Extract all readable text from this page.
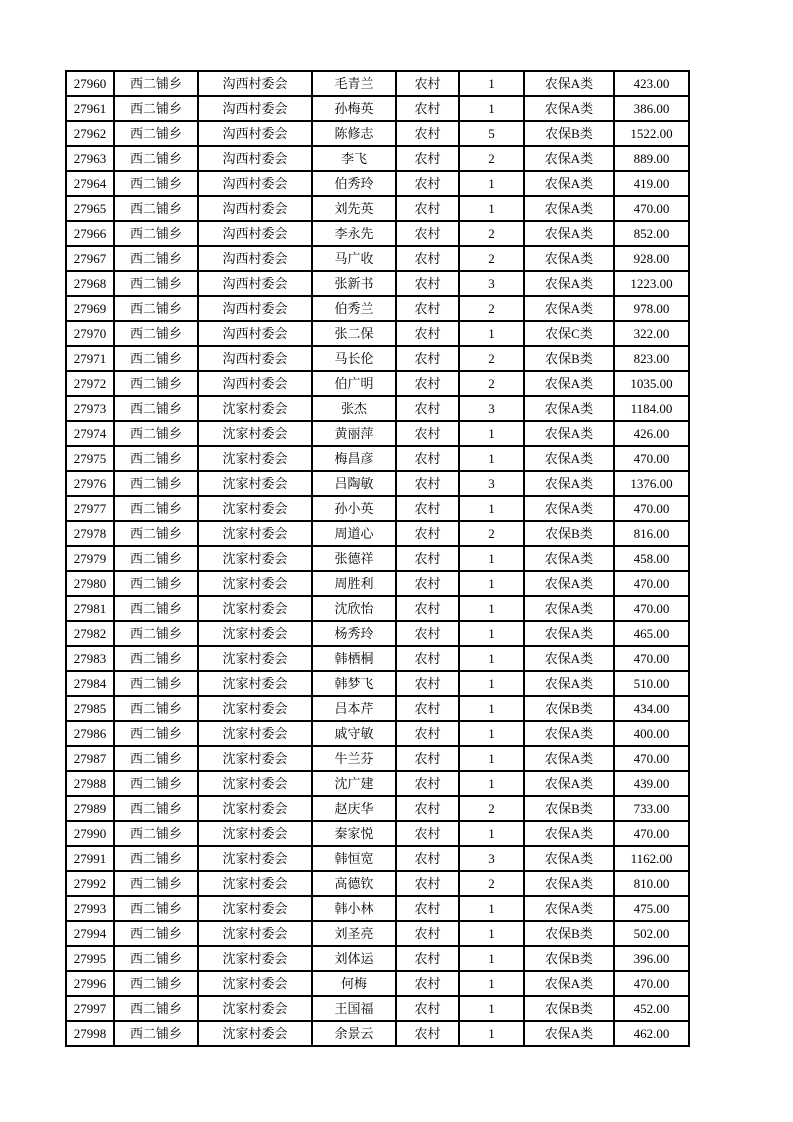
27960	西二铺乡	沟西村委会	毛青兰	农村	1	农保A类	423.00
27961	西二铺乡	沟西村委会	孙梅英	农村	1	农保A类	386.00
27962	西二铺乡	沟西村委会	陈修志	农村	5	农保B类	1522.00
27963	西二铺乡	沟西村委会	李飞	农村	2	农保A类	889.00
27964	西二铺乡	沟西村委会	伯秀玲	农村	1	农保A类	419.00
27965	西二铺乡	沟西村委会	刘先英	农村	1	农保A类	470.00
27966	西二铺乡	沟西村委会	李永先	农村	2	农保A类	852.00
27967	西二铺乡	沟西村委会	马广收	农村	2	农保A类	928.00
27968	西二铺乡	沟西村委会	张新书	农村	3	农保A类	1223.00
27969	西二铺乡	沟西村委会	伯秀兰	农村	2	农保A类	978.00
27970	西二铺乡	沟西村委会	张二保	农村	1	农保C类	322.00
27971	西二铺乡	沟西村委会	马长伦	农村	2	农保B类	823.00
27972	西二铺乡	沟西村委会	伯广明	农村	2	农保A类	1035.00
27973	西二铺乡	沈家村委会	张杰	农村	3	农保A类	1184.00
27974	西二铺乡	沈家村委会	黄丽萍	农村	1	农保A类	426.00
27975	西二铺乡	沈家村委会	梅昌彦	农村	1	农保A类	470.00
27976	西二铺乡	沈家村委会	吕陶敏	农村	3	农保A类	1376.00
27977	西二铺乡	沈家村委会	孙小英	农村	1	农保A类	470.00
27978	西二铺乡	沈家村委会	周道心	农村	2	农保B类	816.00
27979	西二铺乡	沈家村委会	张德祥	农村	1	农保A类	458.00
27980	西二铺乡	沈家村委会	周胜利	农村	1	农保A类	470.00
27981	西二铺乡	沈家村委会	沈欣怡	农村	1	农保A类	470.00
27982	西二铺乡	沈家村委会	杨秀玲	农村	1	农保A类	465.00
27983	西二铺乡	沈家村委会	韩栖桐	农村	1	农保A类	470.00
27984	西二铺乡	沈家村委会	韩梦飞	农村	1	农保A类	510.00
27985	西二铺乡	沈家村委会	吕本芹	农村	1	农保B类	434.00
27986	西二铺乡	沈家村委会	戚守敏	农村	1	农保A类	400.00
27987	西二铺乡	沈家村委会	牛兰芬	农村	1	农保A类	470.00
27988	西二铺乡	沈家村委会	沈广建	农村	1	农保A类	439.00
27989	西二铺乡	沈家村委会	赵庆华	农村	2	农保B类	733.00
27990	西二铺乡	沈家村委会	秦家悦	农村	1	农保A类	470.00
27991	西二铺乡	沈家村委会	韩恒宽	农村	3	农保A类	1162.00
27992	西二铺乡	沈家村委会	高德钦	农村	2	农保A类	810.00
27993	西二铺乡	沈家村委会	韩小林	农村	1	农保A类	475.00
27994	西二铺乡	沈家村委会	刘圣亮	农村	1	农保B类	502.00
27995	西二铺乡	沈家村委会	刘体运	农村	1	农保B类	396.00
27996	西二铺乡	沈家村委会	何梅	农村	1	农保A类	470.00
27997	西二铺乡	沈家村委会	王国福	农村	1	农保B类	452.00
27998	西二铺乡	沈家村委会	余景云	农村	1	农保A类	462.00
